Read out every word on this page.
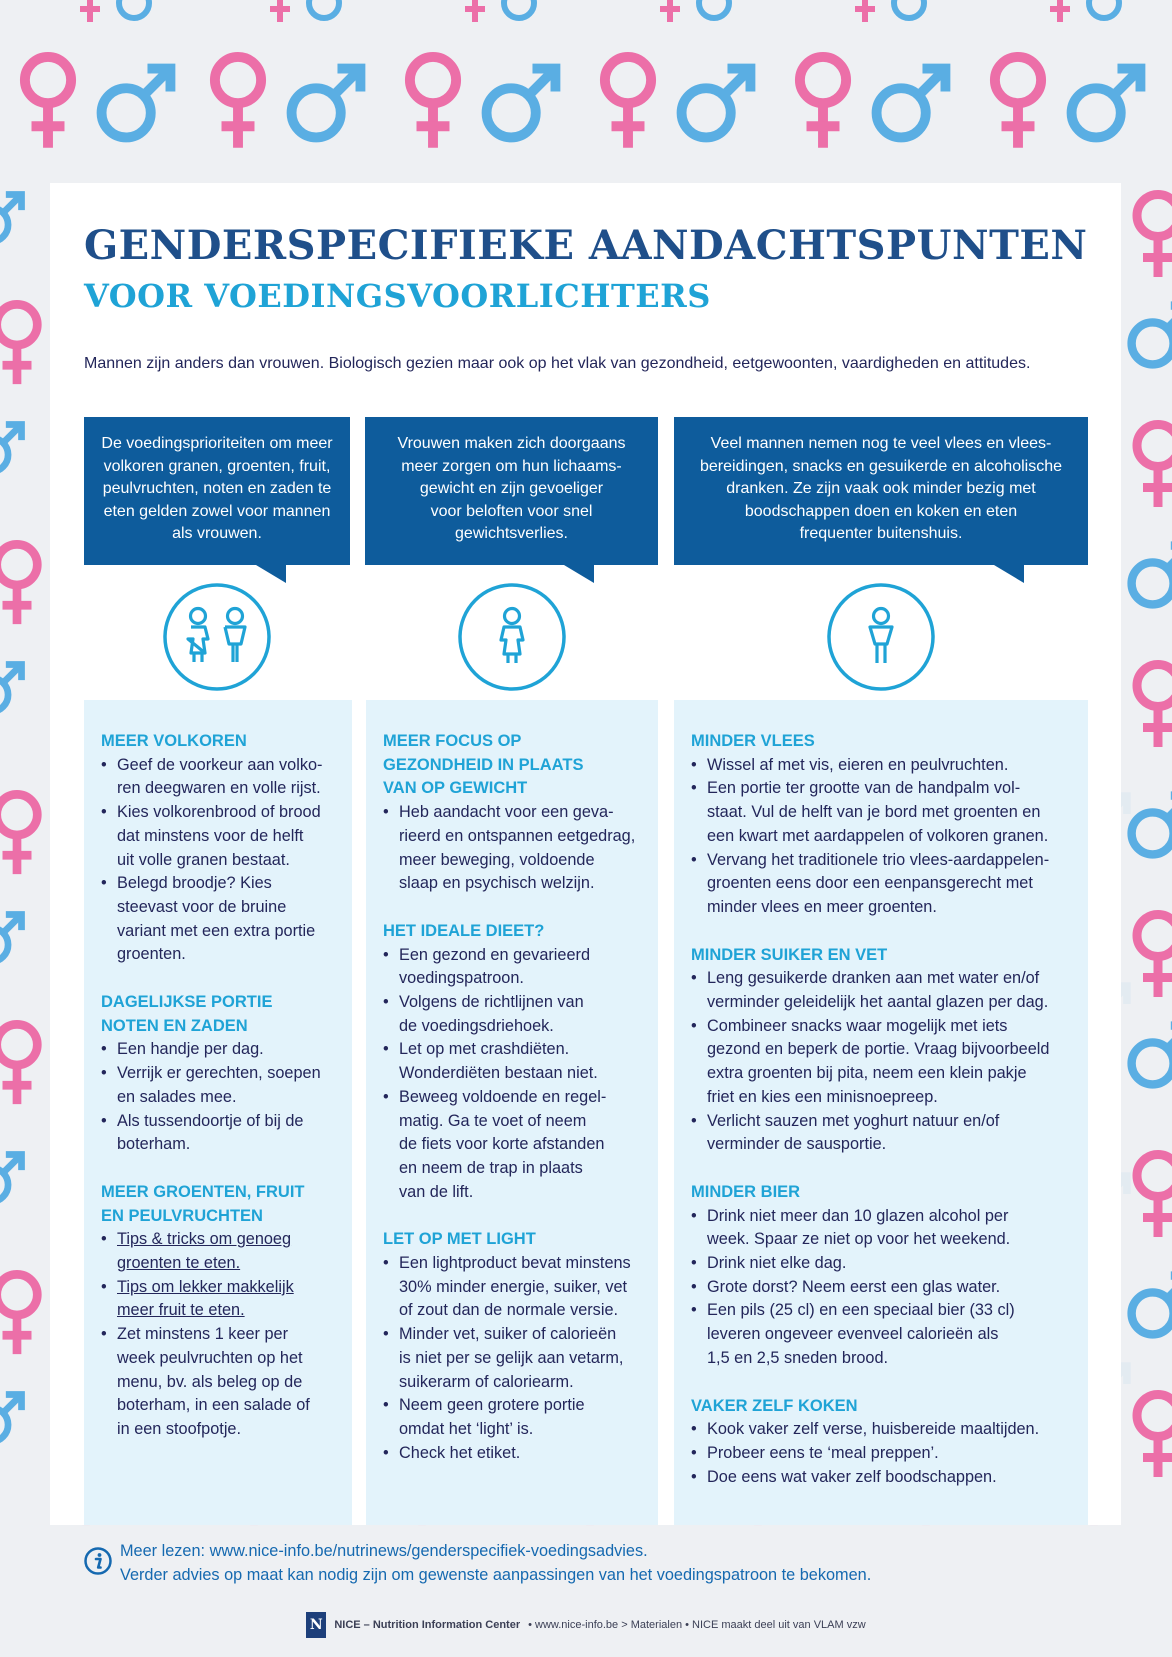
GENDERSPECIFIEKE AANDACHTSPUNTEN
VOOR VOEDINGSVOORLICHTERS

Mannen zijn anders dan vrouwen. Biologisch gezien maar ook op het vlak van gezondheid, eetgewoonten, vaardigheden en attitudes.

De voedingsprioriteiten om meer
volkoren granen, groenten, fruit,
peulvruchten, noten en zaden te
eten gelden zowel voor mannen
als vrouwen.
Vrouwen maken zich doorgaans
meer zorgen om hun lichaams-
gewicht en zijn gevoeliger
voor beloften voor snel
gewichtsverlies.
Veel mannen nemen nog te veel vlees en vlees-
bereidingen, snacks en gesuikerde en alcoholische
dranken. Ze zijn vaak ook minder bezig met
boodschappen doen en koken en eten
frequenter buitenshuis.
MEER VOLKOREN
• Geef de voorkeur aan volko-
ren deegwaren en volle rijst.
• Kies volkorenbrood of brood
dat minstens voor de helft
uit volle granen bestaat.
• Belegd broodje? Kies
steevast voor de bruine
variant met een extra portie
groenten.
DAGELIJKSE PORTIE
NOTEN EN ZADEN
• Een handje per dag.
• Verrijk er gerechten, soepen
en salades mee.
• Als tussendoortje of bij de
boterham.
MEER GROENTEN, FRUIT
EN PEULVRUCHTEN
• Tips & tricks om genoeg
groenten te eten.
• Tips om lekker makkelijk
meer fruit te eten.
• Zet minstens 1 keer per
week peulvruchten op het
menu, bv. als beleg op de
boterham, in een salade of
in een stoofpotje.
MEER FOCUS OP
GEZONDHEID IN PLAATS
VAN OP GEWICHT
• Heb aandacht voor een geva-
rieerd en ontspannen eetgedrag,
meer beweging, voldoende
slaap en psychisch welzijn.
HET IDEALE DIEET?
• Een gezond en gevarieerd
voedingspatroon.
• Volgens de richtlijnen van
de voedingsdriehoek.
• Let op met crashdiëten.
Wonderdiëten bestaan niet.
• Beweeg voldoende en regel-
matig. Ga te voet of neem
de fiets voor korte afstanden
en neem de trap in plaats
van de lift.
LET OP MET LIGHT
• Een lightproduct bevat minstens
30% minder energie, suiker, vet
of zout dan de normale versie.
• Minder vet, suiker of calorieën
is niet per se gelijk aan vetarm,
suikerarm of caloriearm.
• Neem geen grotere portie
omdat het ‘light’ is.
• Check het etiket.
MINDER VLEES
• Wissel af met vis, eieren en peulvruchten.
• Een portie ter grootte van de handpalm vol-
staat. Vul de helft van je bord met groenten en
een kwart met aardappelen of volkoren granen.
• Vervang het traditionele trio vlees-aardappelen-
groenten eens door een eenpansgerecht met
minder vlees en meer groenten.
MINDER SUIKER EN VET
• Leng gesuikerde dranken aan met water en/of
verminder geleidelijk het aantal glazen per dag.
• Combineer snacks waar mogelijk met iets
gezond en beperk de portie. Vraag bijvoorbeeld
extra groenten bij pita, neem een klein pakje
friet en kies een minisnoepreep.
• Verlicht sauzen met yoghurt natuur en/of
verminder de sausportie.
MINDER BIER
• Drink niet meer dan 10 glazen alcohol per
week. Spaar ze niet op voor het weekend.
• Drink niet elke dag.
• Grote dorst? Neem eerst een glas water.
• Een pils (25 cl) en een speciaal bier (33 cl)
leveren ongeveer evenveel calorieën als
1,5 en 2,5 sneden brood.
VAKER ZELF KOKEN
• Kook vaker zelf verse, huisbereide maaltijden.
• Probeer eens te ‘meal preppen’.
• Doe eens wat vaker zelf boodschappen.

Meer lezen: www.nice-info.be/nutrinews/genderspecifiek-voedingsadvies.

Verder advies op maat kan nodig zijn om gewenste aanpassingen van het voedingspatroon te bekomen.

N NICE – Nutrition Information Center • www.nice-info.be > Materialen • NICE maakt deel uit van VLAM vzw
